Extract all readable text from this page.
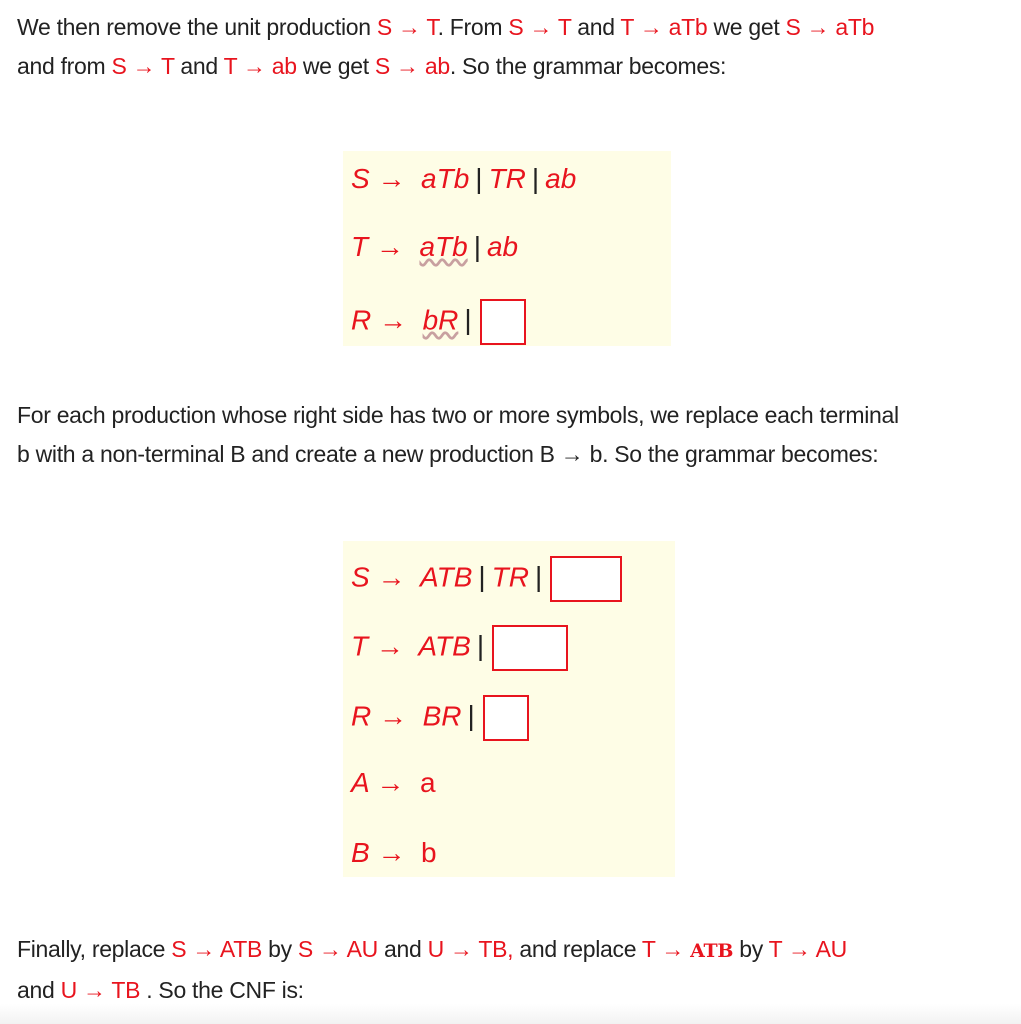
We then remove the unit production S → T. From S → T and T → aTb we get S → aTb
and from S → T and T → ab we get S → ab. So the grammar becomes:
S → aTb | TR | ab
T → aTb | ab
R → bR |
For each production whose right side has two or more symbols, we replace each terminal
b with a non-terminal B and create a new production B → b. So the grammar becomes:
S → ATB | TR |
T → ATB |
R → BR |
A → a
B → b
Finally, replace S → ATB by S → AU and U → TB, and replace T → ATB by T → AU
and U → TB . So the CNF is:
